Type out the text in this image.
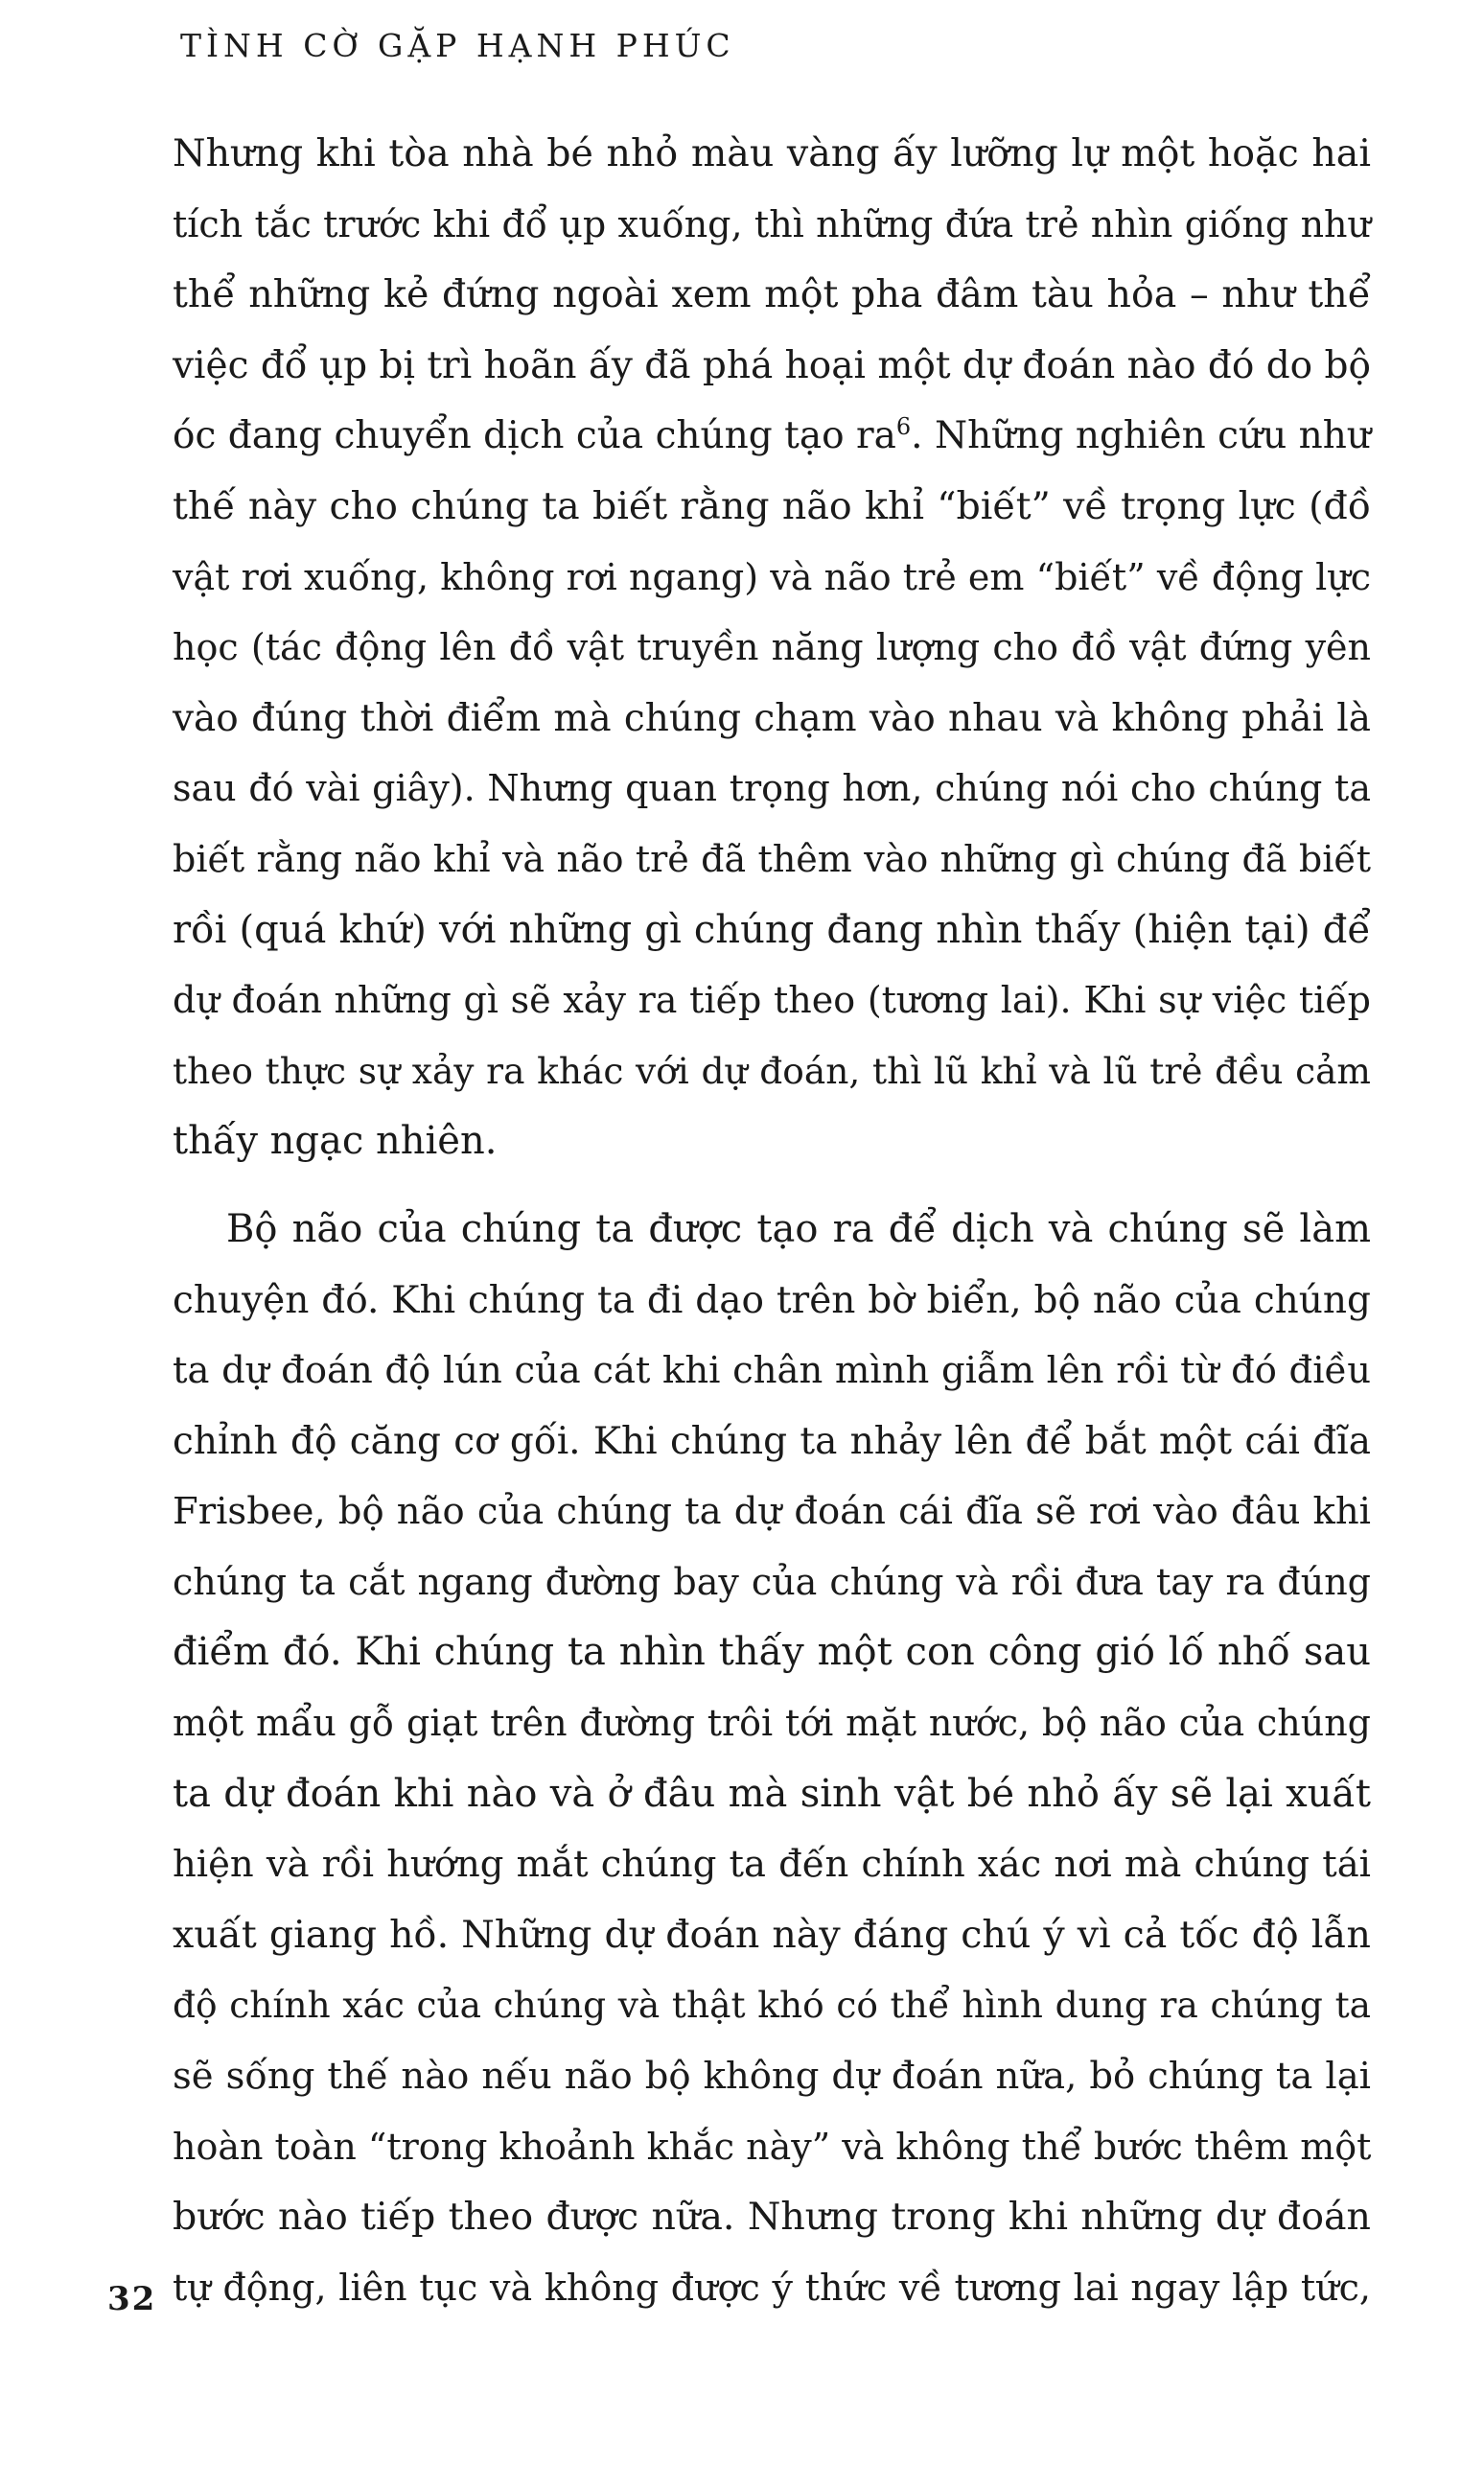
TÌNH CỜ GẶP HẠNH PHÚC
Nhưng khi tòa nhà bé nhỏ màu vàng ấy lưỡng lự một hoặc hai
tích tắc trước khi đổ ụp xuống, thì những đứa trẻ nhìn giống như
thể những kẻ đứng ngoài xem một pha đâm tàu hỏa – như thể
việc đổ ụp bị trì hoãn ấy đã phá hoại một dự đoán nào đó do bộ
óc đang chuyển dịch của chúng tạo $ra^6$. Những nghiên cứu như
thế này cho chúng ta biết rằng não khỉ “biết” về trọng lực (đồ
vật rơi xuống, không rơi ngang) và não trẻ em “biết” về động lực
học (tác động lên đồ vật truyền năng lượng cho đồ vật đứng yên
vào đúng thời điểm mà chúng chạm vào nhau và không phải là
sau đó vài giây). Nhưng quan trọng hơn, chúng nói cho chúng ta
biết rằng não khỉ và não trẻ đã thêm vào những gì chúng đã biết
rồi (quá khứ) với những gì chúng đang nhìn thấy (hiện tại) để
dự đoán những gì sẽ xảy ra tiếp theo (tương lai). Khi sự việc tiếp
theo thực sự xảy ra khác với dự đoán, thì lũ khỉ và lũ trẻ đều cảm
thấy ngạc nhiên.
Bộ não của chúng ta được tạo ra để dịch và chúng sẽ làm
chuyện đó. Khi chúng ta đi dạo trên bờ biển, bộ não của chúng
ta dự đoán độ lún của cát khi chân mình giẫm lên rồi từ đó điều
chỉnh độ căng cơ gối. Khi chúng ta nhảy lên để bắt một cái đĩa
Frisbee, bộ não của chúng ta dự đoán cái đĩa sẽ rơi vào đâu khi
chúng ta cắt ngang đường bay của chúng và rồi đưa tay ra đúng
điểm đó. Khi chúng ta nhìn thấy một con công gió lố nhố sau
một mẩu gỗ giạt trên đường trôi tới mặt nước, bộ não của chúng
ta dự đoán khi nào và ở đâu mà sinh vật bé nhỏ ấy sẽ lại xuất
hiện và rồi hướng mắt chúng ta đến chính xác nơi mà chúng tái
xuất giang hồ. Những dự đoán này đáng chú ý vì cả tốc độ lẫn
độ chính xác của chúng và thật khó có thể hình dung ra chúng ta
sẽ sống thế nào nếu não bộ không dự đoán nữa, bỏ chúng ta lại
hoàn toàn “trong khoảnh khắc này” và không thể bước thêm một
bước nào tiếp theo được nữa. Nhưng trong khi những dự đoán
tự động, liên tục và không được ý thức về tương lai ngay lập tức,
32
